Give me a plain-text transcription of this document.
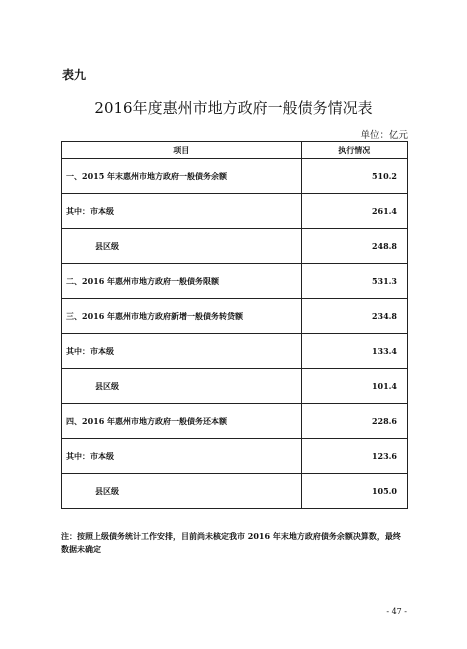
表九
2016年度惠州市地方政府一般债务情况表
单位：亿元
项目	执行情况
一、2015 年末惠州市地方政府一般债务余额	510.2
其中：市本级	261.4
县区级	248.8
二、2016 年惠州市地方政府一般债务限额	531.3
三、2016 年惠州市地方政府新增一般债务转贷额	234.8
其中：市本级	133.4
县区级	101.4
四、2016 年惠州市地方政府一般债务还本额	228.6
其中：市本级	123.6
县区级	105.0
注：按照上级债务统计工作安排，目前尚未核定我市 2016 年末地方政府债务余额决算数，最终数据未确定
- 47 -
